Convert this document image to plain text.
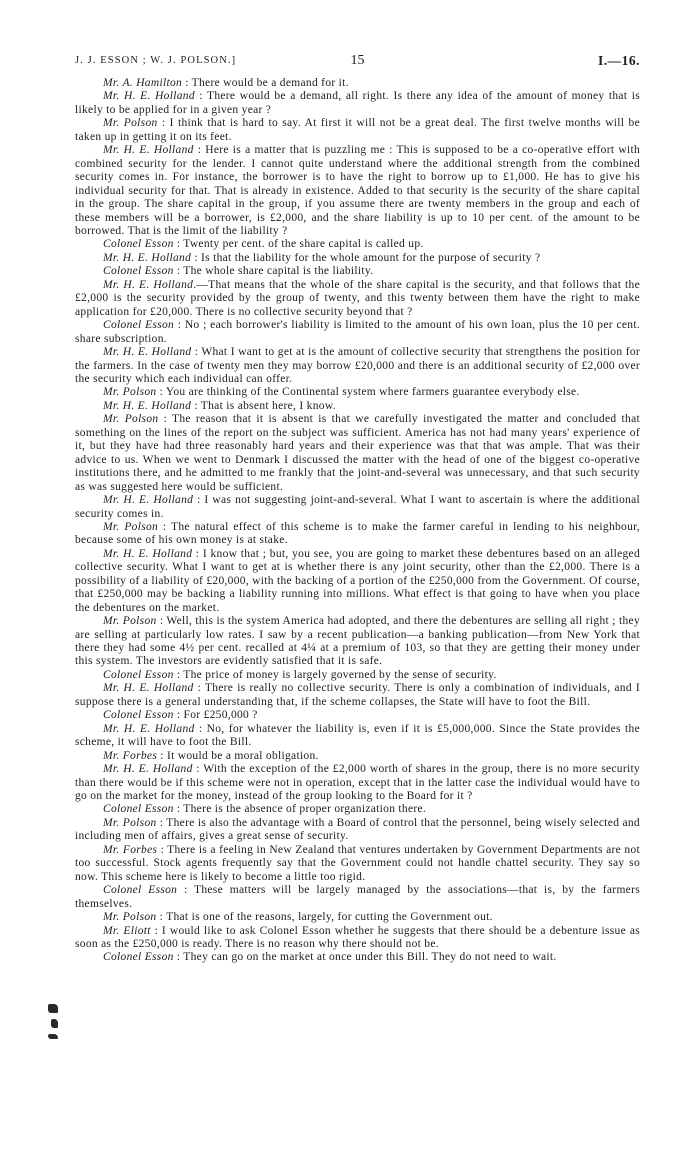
J. J. ESSON ; W. J. POLSON.]	15	I.—16.

Mr. A. Hamilton : There would be a demand for it.

Mr. H. E. Holland : There would be a demand, all right. Is there any idea of the amount of money that is likely to be applied for in a given year ?

Mr. Polson : I think that is hard to say. At first it will not be a great deal. The first twelve months will be taken up in getting it on its feet.

Mr. H. E. Holland : Here is a matter that is puzzling me : This is supposed to be a co-operative effort with combined security for the lender. I cannot quite understand where the additional strength from the combined security comes in. For instance, the borrower is to have the right to borrow up to £1,000. He has to give his individual security for that. That is already in existence. Added to that security is the security of the share capital in the group. The share capital in the group, if you assume there are twenty members in the group and each of these members will be a borrower, is £2,000, and the share liability is up to 10 per cent. of the amount to be borrowed. That is the limit of the liability ?

Colonel Esson : Twenty per cent. of the share capital is called up.

Mr. H. E. Holland : Is that the liability for the whole amount for the purpose of security ?

Colonel Esson : The whole share capital is the liability.

Mr. H. E. Holland.—That means that the whole of the share capital is the security, and that follows that the £2,000 is the security provided by the group of twenty, and this twenty between them have the right to make application for £20,000. There is no collective security beyond that ?

Colonel Esson : No ; each borrower's liability is limited to the amount of his own loan, plus the 10 per cent. share subscription.

Mr. H. E. Holland : What I want to get at is the amount of collective security that strengthens the position for the farmers. In the case of twenty men they may borrow £20,000 and there is an additional security of £2,000 over the security which each individual can offer.

Mr. Polson : You are thinking of the Continental system where farmers guarantee everybody else.

Mr. H. E. Holland : That is absent here, I know.

Mr. Polson : The reason that it is absent is that we carefully investigated the matter and concluded that something on the lines of the report on the subject was sufficient. America has not had many years' experience of it, but they have had three reasonably hard years and their experience was that that was ample. That was their advice to us. When we went to Denmark I discussed the matter with the head of one of the biggest co-operative institutions there, and he admitted to me frankly that the joint-and-several was unnecessary, and that such security as was suggested here would be sufficient.

Mr. H. E. Holland : I was not suggesting joint-and-several. What I want to ascertain is where the additional security comes in.

Mr. Polson : The natural effect of this scheme is to make the farmer careful in lending to his neighbour, because some of his own money is at stake.

Mr. H. E. Holland : I know that ; but, you see, you are going to market these debentures based on an alleged collective security. What I want to get at is whether there is any joint security, other than the £2,000. There is a possibility of a liability of £20,000, with the backing of a portion of the £250,000 from the Government. Of course, that £250,000 may be backing a liability running into millions. What effect is that going to have when you place the debentures on the market.

Mr. Polson : Well, this is the system America had adopted, and there the debentures are selling all right ; they are selling at particularly low rates. I saw by a recent publication—a banking publication—from New York that there they had some 4½ per cent. recalled at 4¼ at a premium of 103, so that they are getting their money under this system. The investors are evidently satisfied that it is safe.

Colonel Esson : The price of money is largely governed by the sense of security.

Mr. H. E. Holland : There is really no collective security. There is only a combination of individuals, and I suppose there is a general understanding that, if the scheme collapses, the State will have to foot the Bill.

Colonel Esson : For £250,000 ?

Mr. H. E. Holland : No, for whatever the liability is, even if it is £5,000,000. Since the State provides the scheme, it will have to foot the Bill.

Mr. Forbes : It would be a moral obligation.

Mr. H. E. Holland : With the exception of the £2,000 worth of shares in the group, there is no more security than there would be if this scheme were not in operation, except that in the latter case the individual would have to go on the market for the money, instead of the group looking to the Board for it ?

Colonel Esson : There is the absence of proper organization there.

Mr. Polson : There is also the advantage with a Board of control that the personnel, being wisely selected and including men of affairs, gives a great sense of security.

Mr. Forbes : There is a feeling in New Zealand that ventures undertaken by Government Departments are not too successful. Stock agents frequently say that the Government could not handle chattel security. They say so now. This scheme here is likely to become a little too rigid.

Colonel Esson : These matters will be largely managed by the associations—that is, by the farmers themselves.

Mr. Polson : That is one of the reasons, largely, for cutting the Government out.

Mr. Eliott : I would like to ask Colonel Esson whether he suggests that there should be a debenture issue as soon as the £250,000 is ready. There is no reason why there should not be.

Colonel Esson : They can go on the market at once under this Bill. They do not need to wait.
